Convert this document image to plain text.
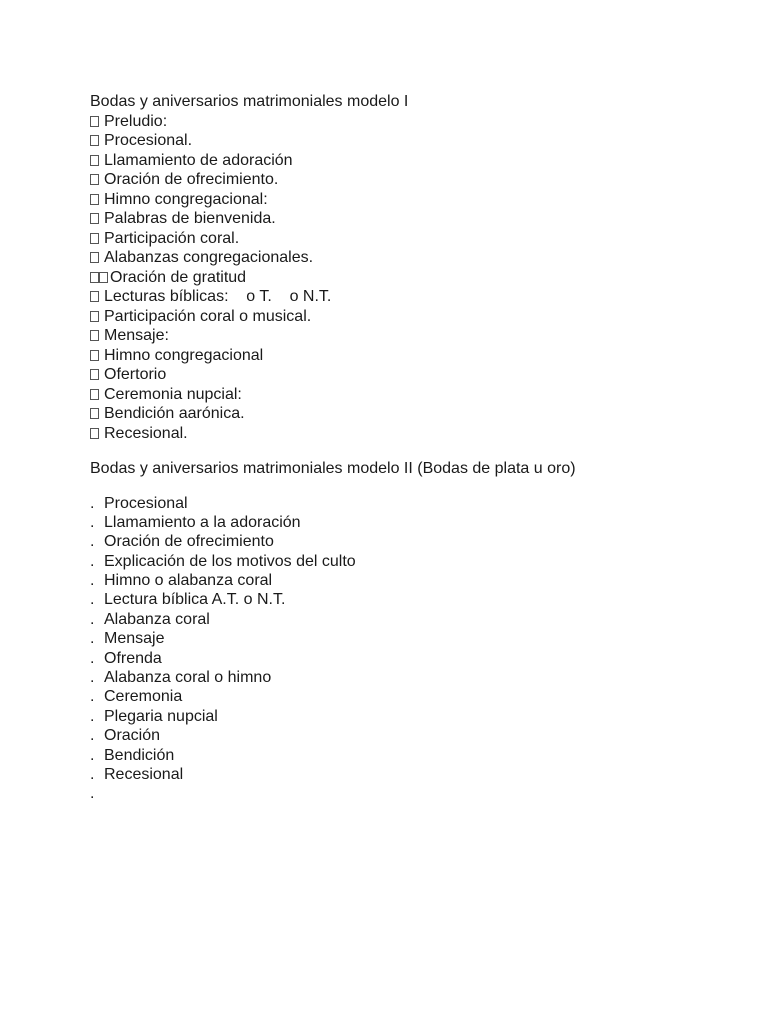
Bodas y aniversarios matrimoniales modelo I
Preludio:
Procesional.
Llamamiento de adoración
Oración de ofrecimiento.
Himno congregacional:
Palabras de bienvenida.
Participación coral.
Alabanzas congregacionales.
Oración de gratitud
Lecturas bíblicas:    o T.    o N.T.
Participación coral o musical.
Mensaje:
Himno congregacional
Ofertorio
Ceremonia nupcial:
Bendición aarónica.
Recesional.
Bodas y aniversarios matrimoniales modelo II (Bodas de plata u oro)
. Procesional
. Llamamiento a la adoración
. Oración de ofrecimiento
. Explicación de los motivos del culto
. Himno o alabanza coral
. Lectura bíblica A.T. o N.T.
. Alabanza coral
. Mensaje
. Ofrenda
. Alabanza coral o himno
. Ceremonia
. Plegaria nupcial
. Oración
. Bendición
. Recesional
.
